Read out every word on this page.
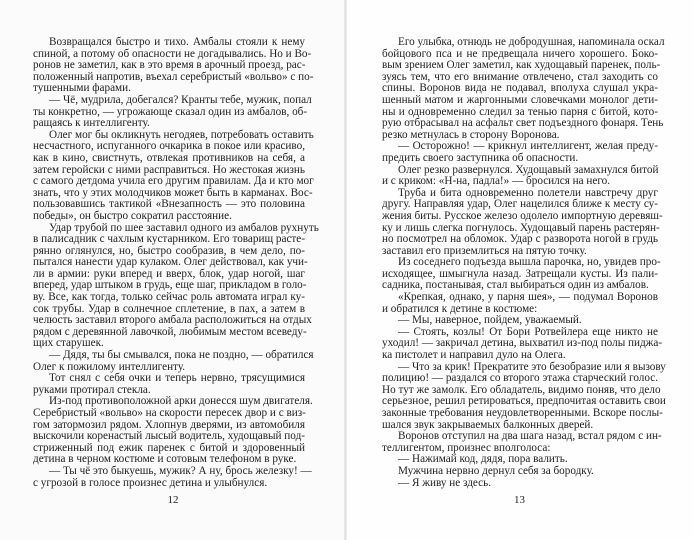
Возвращался быстро и тихо. Амбалы стояли к нему
спиной, а потому об опасности не догадывались. Но и Во-
ронов не заметил, как в это время в арочный проезд, рас-
положенный напротив, въехал серебристый «вольво» с по-
тушенными фарами.
— Чё, мудрила, добегался? Кранты тебе, мужик, попал
ты конкретно, — угрожающе сказал один из амбалов, об-
ращаясь к интеллигенту.
Олег мог бы окликнуть негодяев, потребовать оставить
несчастного, испуганного очкарика в покое или красиво,
как в кино, свистнуть, отвлекая противников на себя, а
затем геройски с ними расправиться. Но жестокая жизнь
с самого детдома учила его другим правилам. Да и кто мог
знать, что у этих молодчиков может быть в карманах. Вос-
пользовавшись тактикой «Внезапность — это половина
победы», он быстро сократил расстояние.
Удар трубой по шее заставил одного из амбалов рухнуть
в палисадник с чахлым кустарником. Его товарищ расте-
рянно оглянулся, но, быстро сообразив, в чем дело, по-
пытался нанести удар кулаком. Олег действовал, как учи-
ли в армии: руки вперед и вверх, блок, удар ногой, шаг
вперед, удар штыком в грудь, еще шаг, прикладом в голо-
ву. Все, как тогда, только сейчас роль автомата играл ку-
сок трубы. Удар в солнечное сплетение, в пах, а затем в
челюсть заставил второго амбала расположиться на отдых
рядом с деревянной лавочкой, любимым местом всеведу-
щих старушек.
— Дядя, ты бы смывался, пока не поздно, — обратился
Олег к пожилому интеллигенту.
Тот снял с себя очки и теперь нервно, трясущимися
руками протирал стекла.
Из-под противоположной арки донесся шум двигателя.
Серебристый «вольво» на скорости пересек двор и с виз-
гом затормозил рядом. Хлопнув дверями, из автомобиля
выскочили коренастый лысый водитель, худощавый под-
стриженный под ежик паренек с битой и здоровенный
детина в черном костюме и сотовым телефоном в руке.
— Ты чё это быкуешь, мужик? А ну, брось железку! —
с угрозой в голосе произнес детина и улыбнулся.
12
Его улыбка, отнюдь не добродушная, напоминала оскал
бойцового пса и не предвещала ничего хорошего. Боко-
вым зрением Олег заметил, как худощавый паренек, поль-
зуясь тем, что его внимание отвлечено, стал заходить со
спины. Воронов вида не подавал, вполуха слушал укра-
шенный матом и жаргонными словечками монолог дети-
ны и одновременно следил за тенью парня с битой, кото-
рую отбрасывал на асфальт свет подъездного фонаря. Тень
резко метнулась в сторону Воронова.
— Осторожно! — крикнул интеллигент, желая преду-
предить своего заступника об опасности.
Олег резко развернулся. Худощавый замахнулся битой
и с криком: «Н-на, падла!» — бросился на него.
Труба и бита одновременно полетели навстречу друг
другу. Направляя удар, Олег нацелился ближе к месту су-
жения биты. Русское железо одолело импортную деревяш-
ку и лишь слегка погнулось. Худощавый парень растерян-
но посмотрел на обломок. Удар с разворота ногой в грудь
заставил его приземлиться на пятую точку.
Из соседнего подъезда вышла парочка, но, увидев про-
исходящее, шмыгнула назад. Затрещали кусты. Из пали-
садника, постанывая, стал выбираться один из амбалов.
«Крепкая, однако, у парня шея», — подумал Воронов
и обратился к детине в костюме:
— Мы, наверное, пойдем, уважаемый.
— Стоять, козлы! От Бори Ротвейлера еще никто не
уходил! — закричал детина, выхватил из-под полы пиджа-
ка пистолет и направил дуло на Олега.
— Что за крик! Прекратите это безобразие или я вызову
полицию! — раздался со второго этажа старческий голос.
Но тут же замолк. Его обладатель, видимо поняв, что дело
серьезное, решил ретироваться, предпочитая оставить свои
законные требования неудовлетворенными. Вскоре послы-
шался звук закрываемых балконных дверей.
Воронов отступил на два шага назад, встал рядом с ин-
теллигентом, произнес вполголоса:
— Нажимай код, дядя, пора валить.
Мужчина нервно дернул себя за бородку.
— Я живу не здесь.
13
